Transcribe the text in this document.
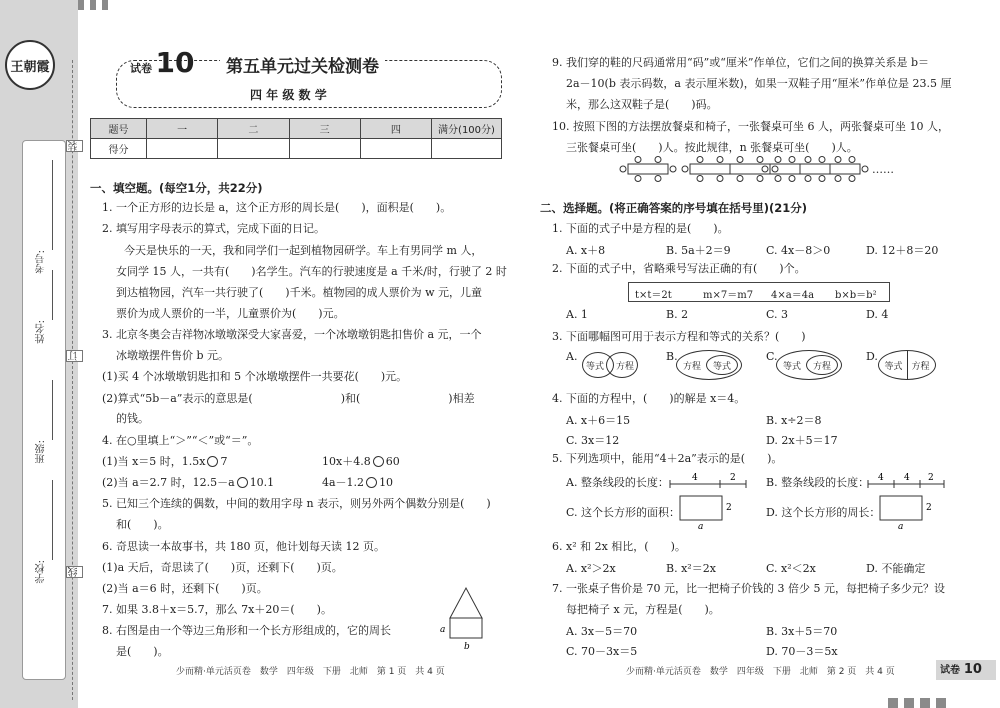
王朝霞
考号:
姓名:
班级:
学校:
装
订
线
试卷 10	第五单元过关检测卷
四 年 级 数 学
题号	一	二	三	四	满分(100分)
得分					
一、填空题。(每空1分，共22分)
1. 一个正方形的边长是 a，这个正方形的周长是(　　)，面积是(　　)。
2. 填写用字母表示的算式，完成下面的日记。
　　今天是快乐的一天，我和同学们一起到植物园研学。车上有男同学 m 人，
女同学 15 人，一共有(　　)名学生。汽车的行驶速度是 a 千米/时，行驶了 2 时
到达植物园，汽车一共行驶了(　　)千米。植物园的成人票价为 w 元，儿童
票价为成人票价的一半，儿童票价为(　　)元。
3. 北京冬奥会吉祥物冰墩墩深受大家喜爱，一个冰墩墩钥匙扣售价 a 元，一个
冰墩墩摆件售价 b 元。
(1)买 4 个冰墩墩钥匙扣和 5 个冰墩墩摆件一共要花(　　)元。
(2)算式“5b－a”表示的意思是(　　　　　　　　)和(　　　　　　　　)相差
的钱。
4. 在○里填上“＞”“＜”或“＝”。
(1)当 x＝5 时，1.5x 7	10x＋4.8 60
(2)当 a＝2.7 时，12.5－a 10.1	4a－1.2 10
5. 已知三个连续的偶数，中间的数用字母 n 表示，则另外两个偶数分别是(　　)
和(　　)。
6. 奇思读一本故事书，共 180 页，他计划每天读 12 页。
(1)a 天后，奇思读了(　　)页，还剩下(　　)页。
(2)当 a＝6 时，还剩下(　　)页。
7. 如果 3.8＋x＝5.7，那么 7x＋20＝(　　)。
8. 右图是由一个等边三角形和一个长方形组成的，它的周长
是(　　)。
a
b
少而精·单元活页卷　数学　四年级　下册　北师　第 1 页　共 4 页
9. 我们穿的鞋的尺码通常用“码”或“厘米”作单位，它们之间的换算关系是 b＝
2a－10(b 表示码数，a 表示厘米数)，如果一双鞋子用“厘米”作单位是 23.5 厘
米，那么这双鞋子是(　　)码。
10. 按照下图的方法摆放餐桌和椅子，一张餐桌可坐 6 人，两张餐桌可坐 10 人，
三张餐桌可坐(　　)人。按此规律，n 张餐桌可坐(　　)人。
……
二、选择题。(将正确答案的序号填在括号里)(21分)
1. 下面的式子中是方程的是(　　)。
A. x＋8	B. 5a＋2＝9	C. 4x－8＞0	D. 12＋8＝20
2. 下面的式子中，省略乘号写法正确的有(　　)个。
t×t＝2t	m×7＝m7 4×a＝4a b×b＝b²
A. 1	B. 2	C. 3	D. 4
3. 下面哪幅图可用于表示方程和等式的关系？(　　)
A.
等式 方程
B.
方程 等式
C.
等式 方程
D.
等式 方程
4. 下面的方程中，(　　)的解是 x＝4。
A. x＋6＝15	B. x÷2＝8
C. 3x＝12	D. 2x＋5＝17
5. 下列选项中，能用“4＋2a”表示的是(　　)。
A. 整条线段的长度：	4	2	B. 整条线段的长度： 4 4 2
C. 这个长方形的面积：	2
a
D. 这个长方形的周长：	2
a
6. x² 和 2x 相比，(　　)。
A. x²＞2x	B. x²＝2x	C. x²＜2x	D. 不能确定
7. 一张桌子售价是 70 元，比一把椅子价钱的 3 倍少 5 元，每把椅子多少元？设
每把椅子 x 元，方程是(　　)。
A. 3x－5＝70	B. 3x＋5＝70
C. 70－3x＝5	D. 70－3＝5x
少而精·单元活页卷　数学　四年级　下册　北师　第 2 页　共 4 页	试卷 10
